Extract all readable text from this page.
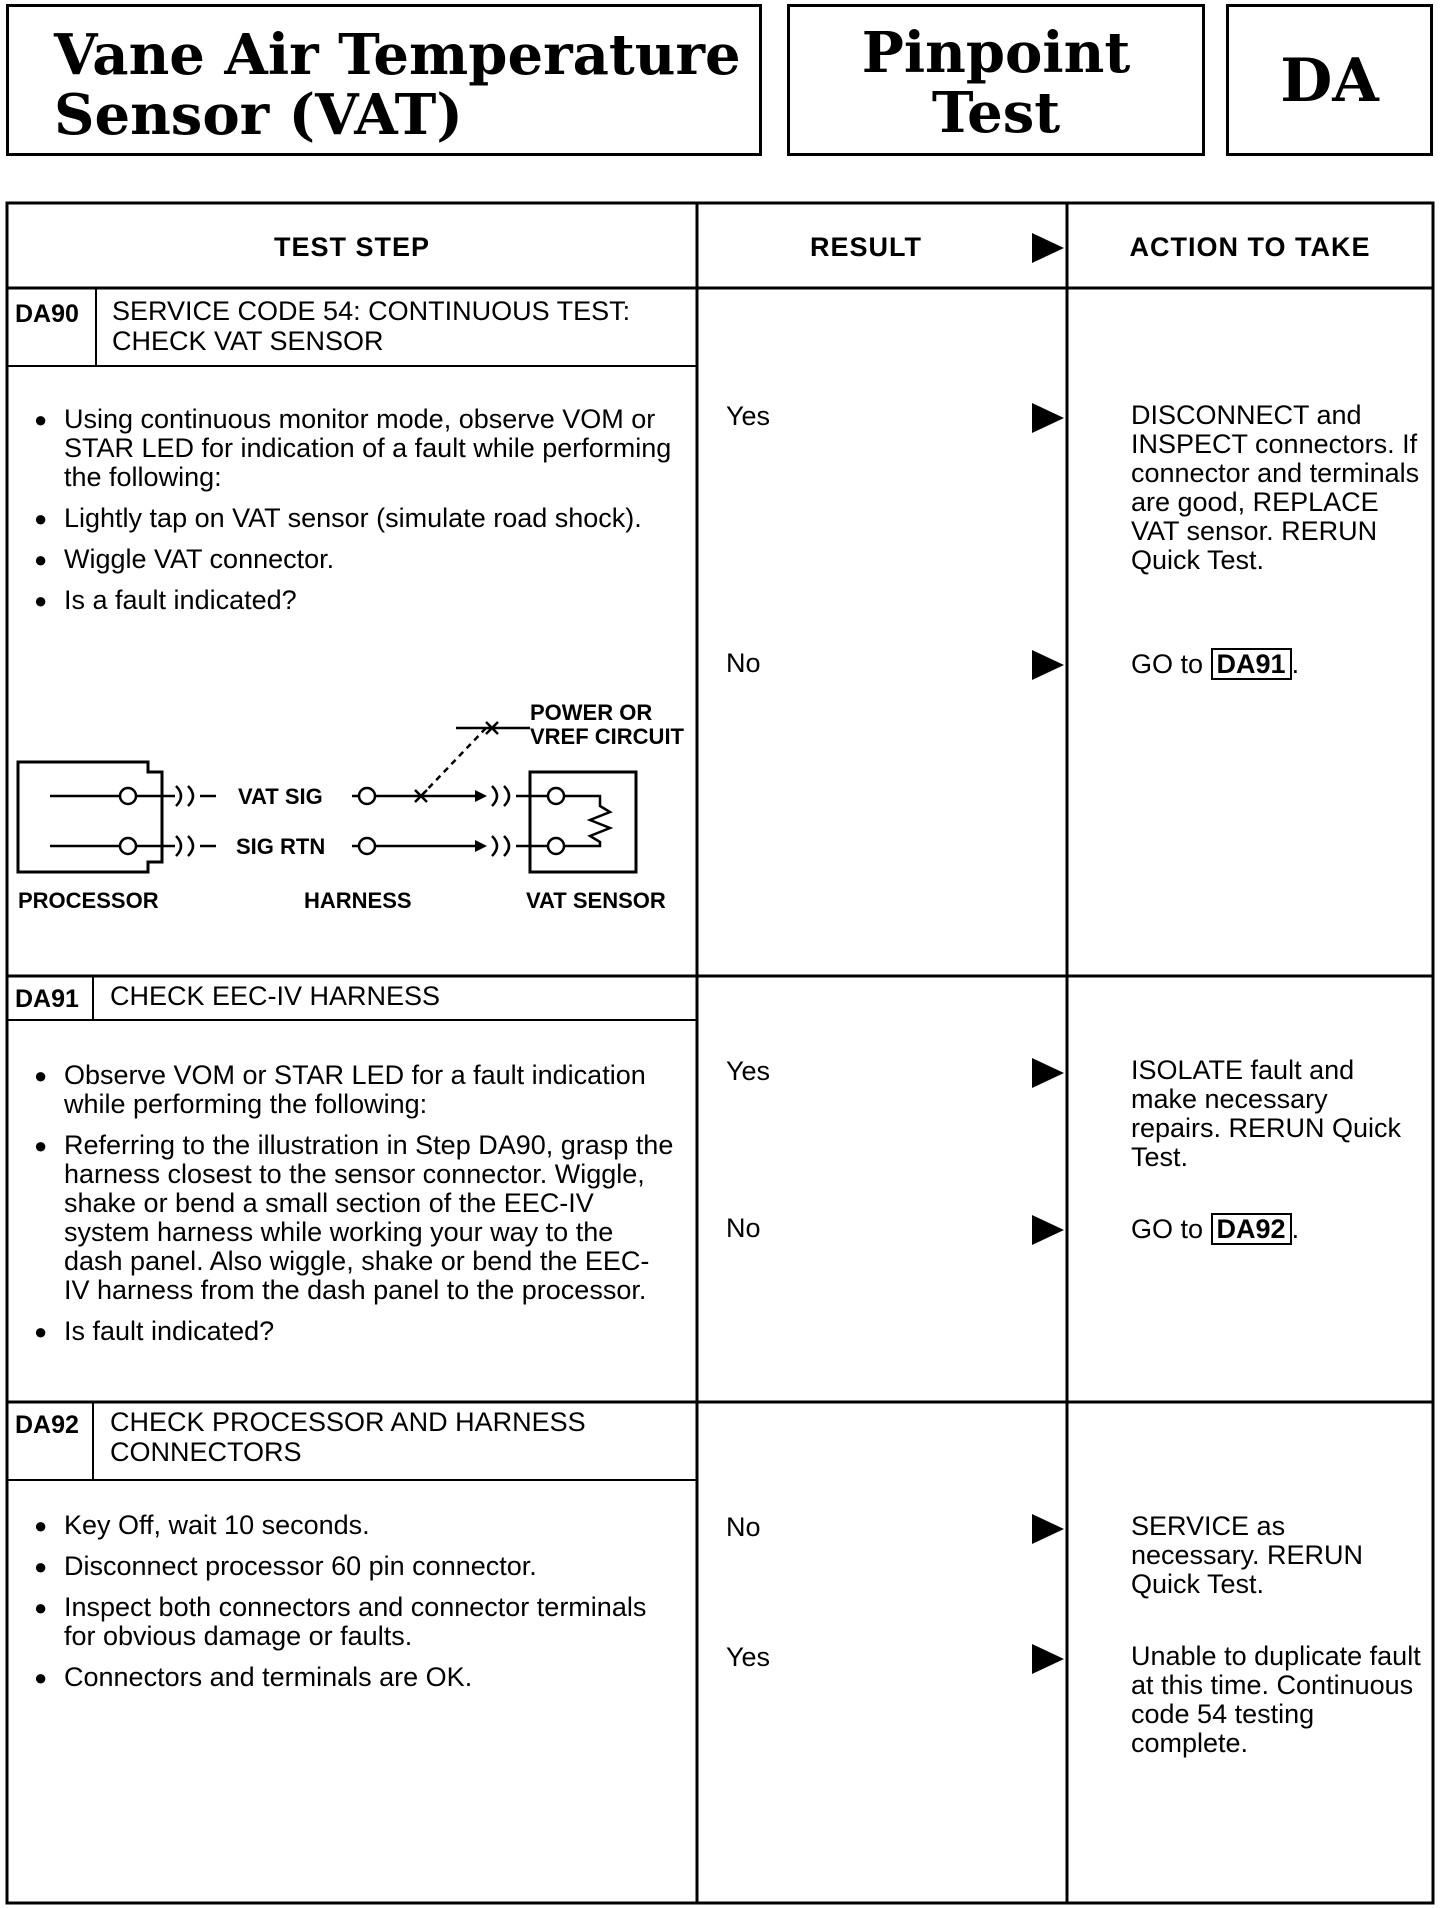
Vane Air Temperature
Sensor (VAT)
Pinpoint
Test	DA
TEST STEP	RESULT	ACTION TO TAKE
DA90 SERVICE CODE 54: CONTINUOUS TEST: CHECK VAT SENSOR
● Using continuous monitor mode, observe VOM or STAR LED for indication of a fault while performing the following:
● Lightly tap on VAT sensor (simulate road shock).
● Wiggle VAT connector.
● Is a fault indicated?
POWER OR
VREF CIRCUIT
VAT SIG
SIG RTN
PROCESSOR	HARNESS	VAT SENSOR
Yes	DISCONNECT and INSPECT connectors. If connector and terminals are good, REPLACE VAT sensor. RERUN Quick Test.
No	GO to DA91 .
DA91 CHECK EEC-IV HARNESS
● Observe VOM or STAR LED for a fault indication while performing the following:
● Referring to the illustration in Step DA90, grasp the harness closest to the sensor connector. Wiggle, shake or bend a small section of the EEC-IV system harness while working your way to the dash panel. Also wiggle, shake or bend the EEC-IV harness from the dash panel to the processor.
● Is fault indicated?
Yes	ISOLATE fault and make necessary repairs. RERUN Quick Test.
No	GO to DA92 .
DA92 CHECK PROCESSOR AND HARNESS CONNECTORS
● Key Off, wait 10 seconds.
● Disconnect processor 60 pin connector.
● Inspect both connectors and connector terminals for obvious damage or faults.
● Connectors and terminals are OK.
No	SERVICE as necessary. RERUN Quick Test.
Yes	Unable to duplicate fault at this time. Continuous code 54 testing complete.
